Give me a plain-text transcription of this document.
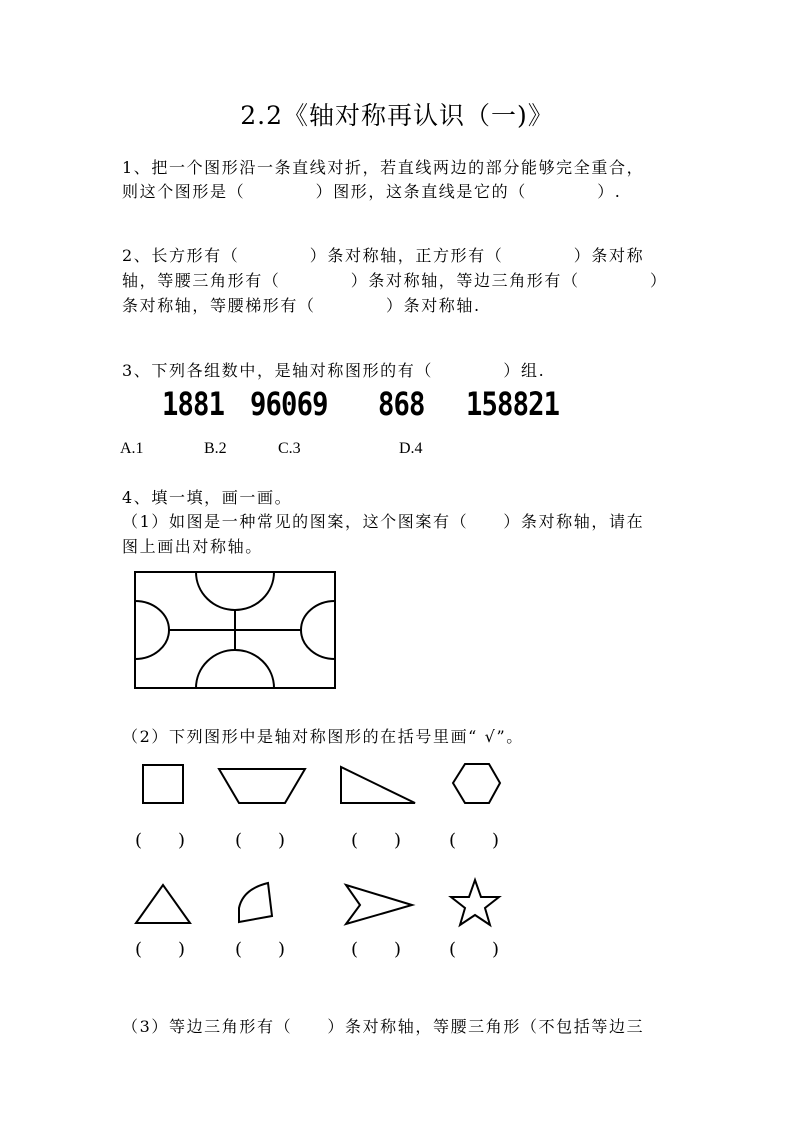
2.2《轴对称再认识（一)》
1、把一个图形沿一条直线对折，若直线两边的部分能够完全重合，
则这个图形是（　　　　）图形，这条直线是它的（　　　　）.
2、长方形有（　　　　）条对称轴，正方形有（　　　　）条对称
轴，等腰三角形有（　　　　）条对称轴，等边三角形有（　　　　）
条对称轴，等腰梯形有（　　　　）条对称轴.
3、下列各组数中，是轴对称图形的有（　　　　）组.
1881 96069 868 158821
A.1	B.2	C.3	D.4
4、填一填，画一画。
（1）如图是一种常见的图案，这个图案有（　　）条对称轴，请在
图上画出对称轴。
（2）下列图形中是轴对称图形的在括号里画“ √”。
(　　)	(　　)	(　　)	(　　)
(　　)	(　　)	(　　)	(　　)
（3）等边三角形有（　　）条对称轴，等腰三角形（不包括等边三
